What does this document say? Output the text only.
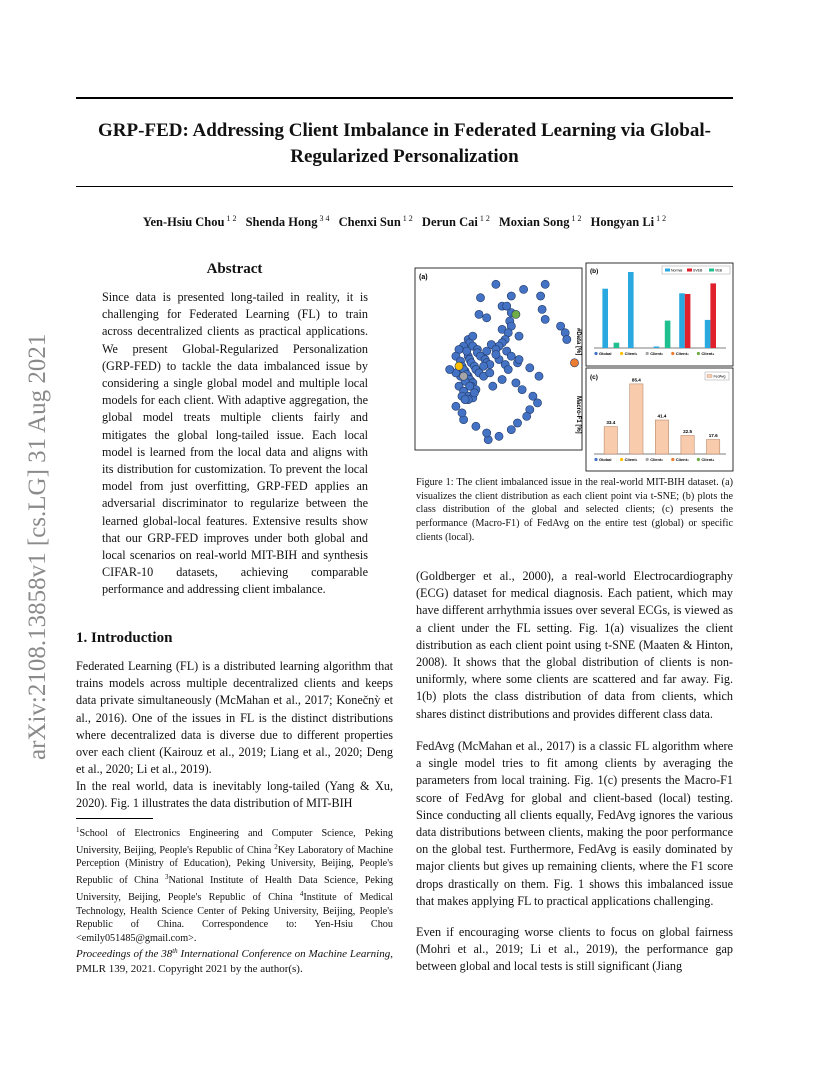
GRP-FED: Addressing Client Imbalance in Federated Learning via Global-Regularized Personalization
Yen-Hsiu Chou $^{1 2}$ Shenda Hong $^{3 4}$ Chenxi Sun $^{1 2}$ Derun Cai $^{1 2}$ Moxian Song $^{1 2}$ Hongyan Li $^{1 2}$
arXiv:2108.13858v1 [cs.LG] 31 Aug 2021
Abstract

Since data is presented long-tailed in reality, it is challenging for Federated Learning (FL) to train across decentralized clients as practical applications. We present Global-Regularized Personalization (GRP-FED) to tackle the data imbalanced issue by considering a single global model and multiple local models for each client. With adaptive aggregation, the global model treats multiple clients fairly and mitigates the global long-tailed issue. Each local model is learned from the local data and aligns with its distribution for customization. To prevent the local model from just overfitting, GRP-FED applies an adversarial discriminator to regularize between the learned global-local features. Extensive results show that our GRP-FED improves under both global and local scenarios on real-world MIT-BIH and synthesis CIFAR-10 datasets, achieving comparable performance and addressing client imbalance.

1. Introduction

Federated Learning (FL) is a distributed learning algorithm that trains models across multiple decentralized clients and keeps data private simultaneously (McMahan et al., 2017; Konečnỳ et al., 2016). One of the issues in FL is the distinct distributions where decentralized data is diverse due to different properties over each client (Kairouz et al., 2019; Liang et al., 2020; Deng et al., 2020; Li et al., 2019).

In the real world, data is inevitably long-tailed (Yang & Xu, 2020). Fig. 1 illustrates the data distribution of MIT-BIH

$^1$School of Electronics Engineering and Computer Science, Peking University, Beijing, People's Republic of China $^2$Key Laboratory of Machine Perception (Ministry of Education), Peking University, Beijing, People's Republic of China $^3$National Institute of Health Data Science, Peking University, Beijing, People's Republic of China $^4$Institute of Medical Technology, Health Science Center of Peking University, Beijing, People's Republic of China. Correspondence to: Yen-Hsiu Chou <emily051485@gmail.com>.
Proceedings of the 38th International Conference on Machine Learning, PMLR 139, 2021. Copyright 2021 by the author(s).
(a)
(b)
#Data [%]
Normal	SVEB	VEB
Global	Client₁	Client₂	Client₃	Client₄
(c)
Macro-F1 [%]
FedAvg
33.4
85.4
41.4
22.5
17.6
Global	Client₁	Client₂	Client₃	Client₄

Figure 1: The client imbalanced issue in the real-world MIT-BIH dataset. (a) visualizes the client distribution as each client point via t-SNE; (b) plots the class distribution of the global and selected clients; (c) presents the performance (Macro-F1) of FedAvg on the entire test (global) or specific clients (local).

(Goldberger et al., 2000), a real-world Electrocardiography (ECG) dataset for medical diagnosis. Each patient, which may have different arrhythmia issues over several ECGs, is viewed as a client under the FL setting. Fig. 1(a) visualizes the client distribution as each client point using t-SNE (Maaten & Hinton, 2008). It shows that the global distribution of clients is non-uniformly, where some clients are scattered and far away. Fig. 1(b) plots the class distribution of data from clients, which shares distinct distributions and provides different class data.

FedAvg (McMahan et al., 2017) is a classic FL algorithm where a single model tries to fit among clients by averaging the parameters from local training. Fig. 1(c) presents the Macro-F1 score of FedAvg for global and client-based (local) testing. Since conducting all clients equally, FedAvg ignores the various data distributions between clients, making the poor performance on the global test. Furthermore, FedAvg is easily dominated by major clients but gives up remaining clients, where the F1 score drops drastically on them. Fig. 1 shows this imbalanced issue that makes applying FL to practical applications challenging.

Even if encouraging worse clients to focus on global fairness (Mohri et al., 2019; Li et al., 2019), the performance gap between global and local tests is still significant (Jiang
